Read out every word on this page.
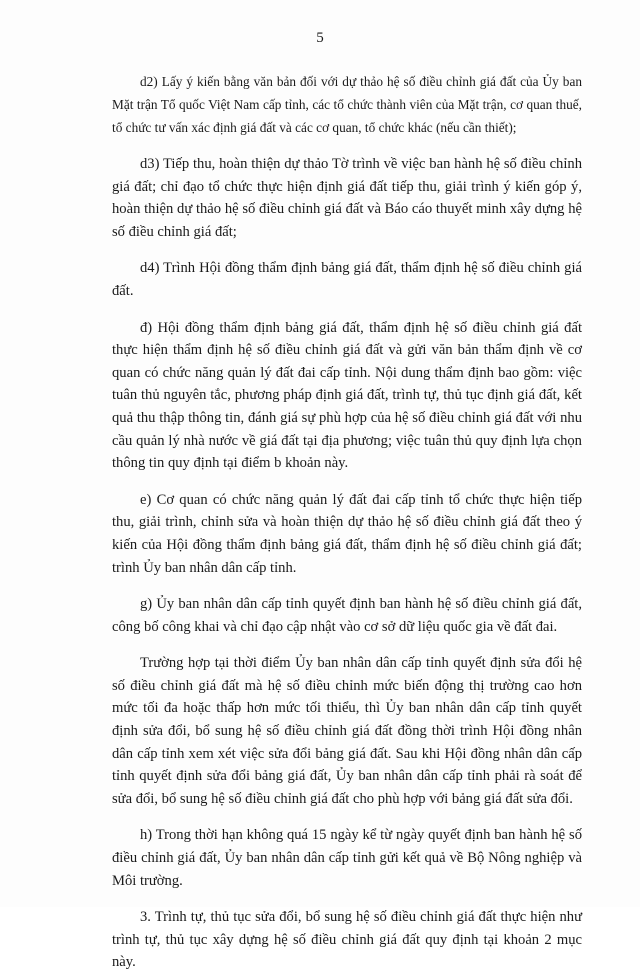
5

d2) Lấy ý kiến bằng văn bản đối với dự thảo hệ số điều chỉnh giá đất của Ủy ban Mặt trận Tổ quốc Việt Nam cấp tỉnh, các tổ chức thành viên của Mặt trận, cơ quan thuế, tổ chức tư vấn xác định giá đất và các cơ quan, tổ chức khác (nếu cần thiết);

d3) Tiếp thu, hoàn thiện dự thảo Tờ trình về việc ban hành hệ số điều chỉnh giá đất; chỉ đạo tổ chức thực hiện định giá đất tiếp thu, giải trình ý kiến góp ý, hoàn thiện dự thảo hệ số điều chỉnh giá đất và Báo cáo thuyết minh xây dựng hệ số điều chỉnh giá đất;

d4) Trình Hội đồng thẩm định bảng giá đất, thẩm định hệ số điều chỉnh giá đất.

đ) Hội đồng thẩm định bảng giá đất, thẩm định hệ số điều chỉnh giá đất thực hiện thẩm định hệ số điều chỉnh giá đất và gửi văn bản thẩm định về cơ quan có chức năng quản lý đất đai cấp tỉnh. Nội dung thẩm định bao gồm: việc tuân thủ nguyên tắc, phương pháp định giá đất, trình tự, thủ tục định giá đất, kết quả thu thập thông tin, đánh giá sự phù hợp của hệ số điều chỉnh giá đất với nhu cầu quản lý nhà nước về giá đất tại địa phương; việc tuân thủ quy định lựa chọn thông tin quy định tại điểm b khoản này.

e) Cơ quan có chức năng quản lý đất đai cấp tỉnh tổ chức thực hiện tiếp thu, giải trình, chỉnh sửa và hoàn thiện dự thảo hệ số điều chỉnh giá đất theo ý kiến của Hội đồng thẩm định bảng giá đất, thẩm định hệ số điều chỉnh giá đất; trình Ủy ban nhân dân cấp tỉnh.

g) Ủy ban nhân dân cấp tỉnh quyết định ban hành hệ số điều chỉnh giá đất, công bố công khai và chỉ đạo cập nhật vào cơ sở dữ liệu quốc gia về đất đai.

Trường hợp tại thời điểm Ủy ban nhân dân cấp tỉnh quyết định sửa đổi hệ số điều chỉnh giá đất mà hệ số điều chỉnh mức biến động thị trường cao hơn mức tối đa hoặc thấp hơn mức tối thiểu, thì Ủy ban nhân dân cấp tỉnh quyết định sửa đổi, bổ sung hệ số điều chỉnh giá đất đồng thời trình Hội đồng nhân dân cấp tỉnh xem xét việc sửa đổi bảng giá đất. Sau khi Hội đồng nhân dân cấp tỉnh quyết định sửa đổi bảng giá đất, Ủy ban nhân dân cấp tỉnh phải rà soát để sửa đổi, bổ sung hệ số điều chỉnh giá đất cho phù hợp với bảng giá đất sửa đổi.

h) Trong thời hạn không quá 15 ngày kể từ ngày quyết định ban hành hệ số điều chỉnh giá đất, Ủy ban nhân dân cấp tỉnh gửi kết quả về Bộ Nông nghiệp và Môi trường.

3. Trình tự, thủ tục sửa đổi, bổ sung hệ số điều chỉnh giá đất thực hiện như trình tự, thủ tục xây dựng hệ số điều chỉnh giá đất quy định tại khoản 2 mục này.
